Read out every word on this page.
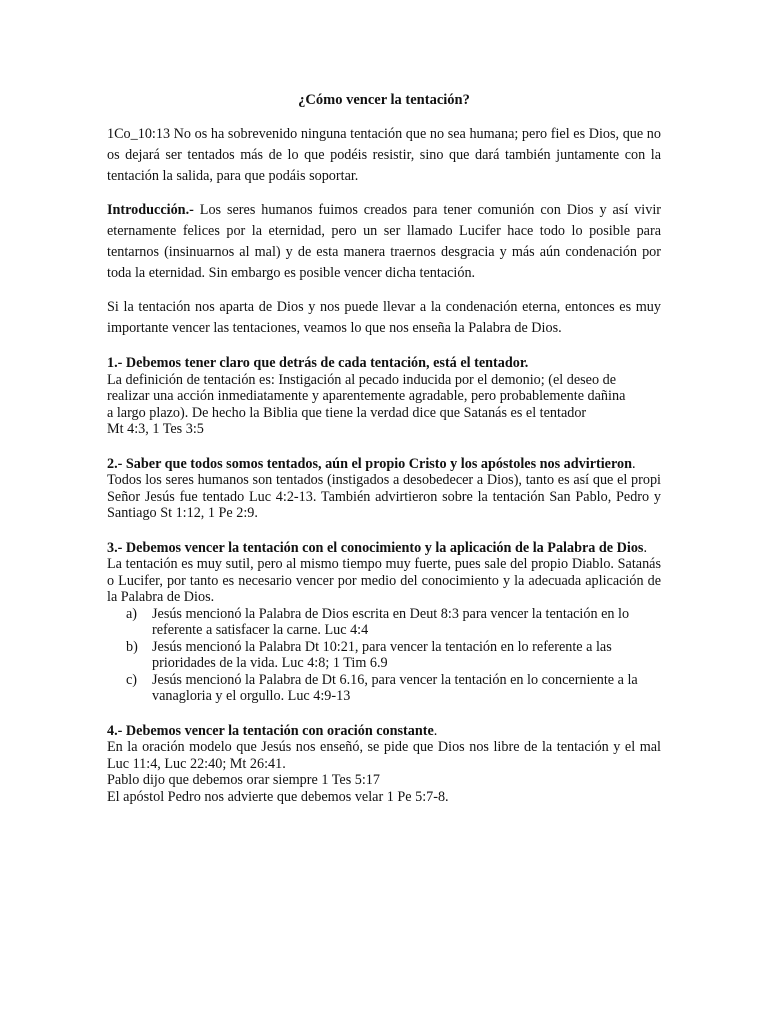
¿Cómo vencer la tentación?

1Co_10:13 No os ha sobrevenido ninguna tentación que no sea humana; pero fiel es Dios, que no os dejará ser tentados más de lo que podéis resistir, sino que dará también juntamente con la tentación la salida, para que podáis soportar.

Introducción.- Los seres humanos fuimos creados para tener comunión con Dios y así vivir eternamente felices por la eternidad, pero un ser llamado Lucifer hace todo lo posible para tentarnos (insinuarnos al mal) y de esta manera traernos desgracia y más aún condenación por toda la eternidad. Sin embargo es posible vencer dicha tentación.

Si la tentación nos aparta de Dios y nos puede llevar a la condenación eterna, entonces es muy importante vencer las tentaciones, veamos lo que nos enseña la Palabra de Dios.

1.- Debemos tener claro que detrás de cada tentación, está el tentador.

La definición de tentación es: Instigación al pecado inducida por el demonio; (el deseo de

realizar una acción inmediatamente y aparentemente agradable, pero probablemente dañina

a largo plazo). De hecho la Biblia que tiene la verdad dice que Satanás es el tentador

Mt 4:3, 1 Tes 3:5

2.- Saber que todos somos tentados, aún el propio Cristo y los apóstoles nos advirtieron.

Todos los seres humanos son tentados (instigados a desobedecer a Dios), tanto es así que el propi Señor Jesús fue tentado Luc 4:2-13. También advirtieron sobre la tentación San Pablo, Pedro y Santiago St 1:12, 1 Pe 2:9.

3.- Debemos vencer la tentación con el conocimiento y la aplicación de la Palabra de Dios.

La tentación es muy sutil, pero al mismo tiempo muy fuerte, pues sale del propio Diablo. Satanás o Lucifer, por tanto es necesario vencer por medio del conocimiento y la adecuada aplicación de la Palabra de Dios.

a) Jesús mencionó la Palabra de Dios escrita en Deut 8:3 para vencer la tentación en lo referente a satisfacer la carne. Luc 4:4
b) Jesús mencionó la Palabra Dt 10:21, para vencer la tentación en lo referente a las prioridades de la vida. Luc 4:8; 1 Tim 6.9
c) Jesús mencionó la Palabra de Dt 6.16, para vencer la tentación en lo concerniente a la vanagloria y el orgullo. Luc 4:9-13

4.- Debemos vencer la tentación con oración constante.

En la oración modelo que Jesús nos enseñó, se pide que Dios nos libre de la tentación y el mal Luc 11:4, Luc 22:40; Mt 26:41.

Pablo dijo que debemos orar siempre 1 Tes 5:17

El apóstol Pedro nos advierte que debemos velar 1 Pe 5:7-8.
